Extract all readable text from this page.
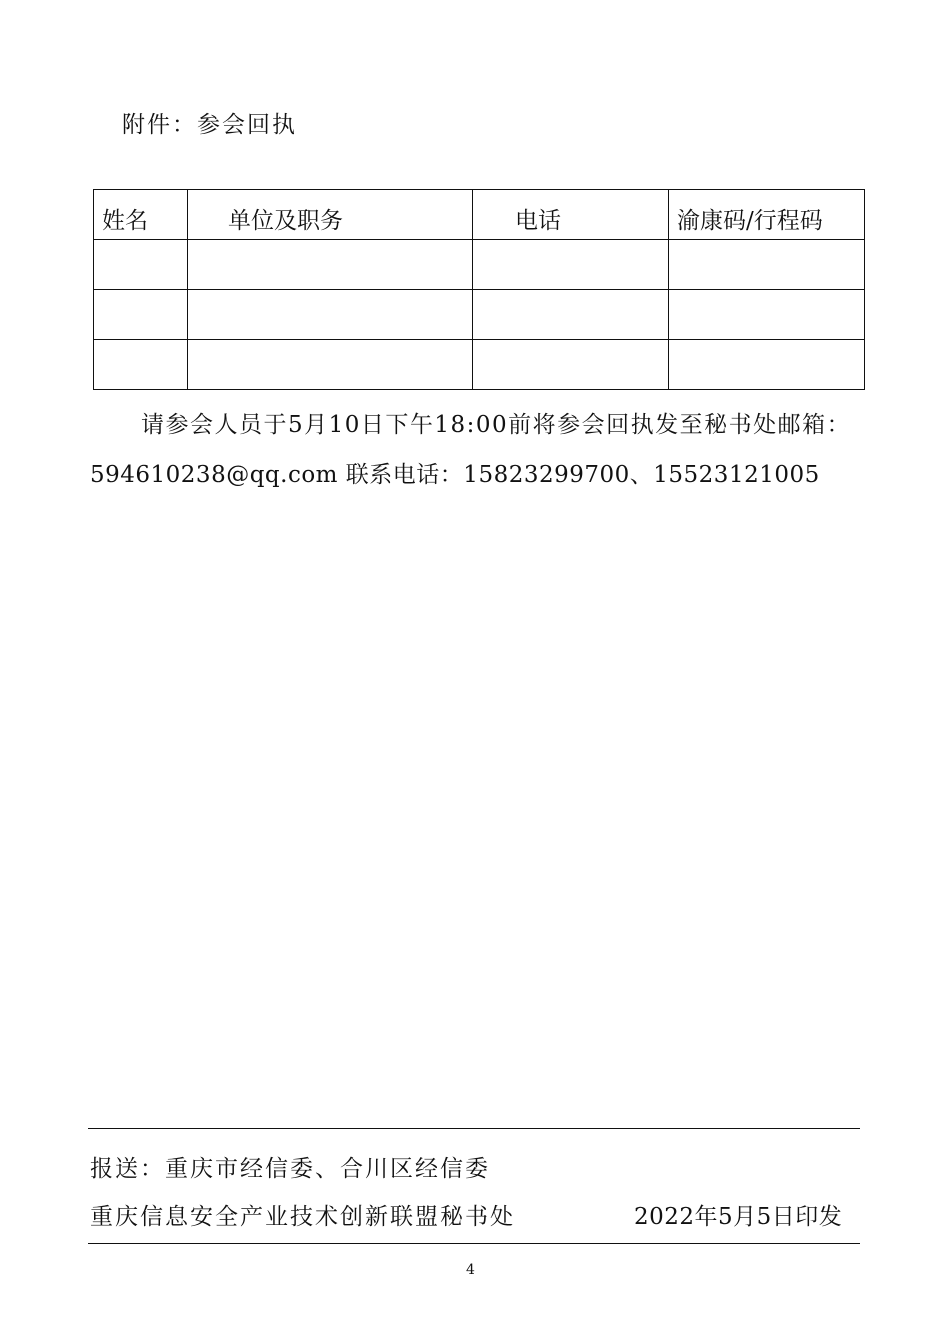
附件：参会回执
姓名	单位及职务	电话	渝康码/行程码

请参会人员于5月10日下午18:00前将参会回执发至秘书处邮箱：
594610238@qq.com 联系电话：15823299700、15523121005
报送：重庆市经信委、合川区经信委
重庆信息安全产业技术创新联盟秘书处	2022年5月5日印发
4
